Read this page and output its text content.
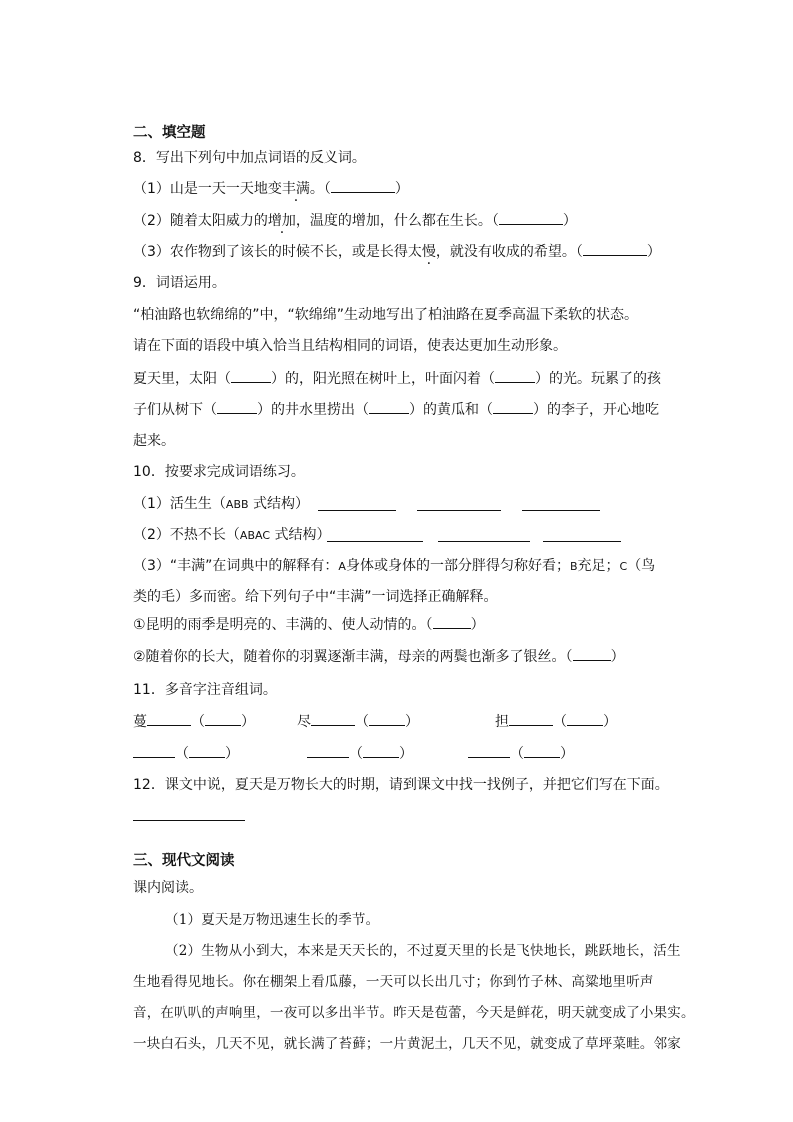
二、填空题
8．写出下列句中加点词语的反义词。
（1）山是一天一天地变丰满。（	）
（2）随着太阳威力的增加，温度的增加，什么都在生长。（	）
（3）农作物到了该长的时候不长，或是长得太慢，就没有收成的希望。（	）
9．词语运用。
“柏油路也软绵绵的”中，“软绵绵”生动地写出了柏油路在夏季高温下柔软的状态。
请在下面的语段中填入恰当且结构相同的词语，使表达更加生动形象。
夏天里，太阳（	）的，阳光照在树叶上，叶面闪着（	）的光。玩累了的孩
子们从树下（	）的井水里捞出（	）的黄瓜和（	）的李子，开心地吃
起来。
10．按要求完成词语练习。
（1）活生生（ABB 式结构）
（2）不热不长（ABAC 式结构）
（3）“丰满”在词典中的解释有：A身体或身体的一部分胖得匀称好看；B充足；C（鸟
类的毛）多而密。给下列句子中“丰满”一词选择正确解释。
①昆明的雨季是明亮的、丰满的、使人动情的。（	）
②随着你的长大，随着你的羽翼逐渐丰满，母亲的两鬓也渐多了银丝。（	）
11．多音字注音组词。
蔓	（	）	尽	（	）	担	（	）
（	）	（	）	（	）
12．课文中说，夏天是万物长大的时期，请到课文中找一找例子，并把它们写在下面。
三、现代文阅读
课内阅读。
（1）夏天是万物迅速生长的季节。
（2）生物从小到大，本来是天天长的，不过夏天里的长是飞快地长，跳跃地长，活生
生地看得见地长。你在棚架上看瓜藤，一天可以长出几寸；你到竹子林、高粱地里听声
音，在叭叭的声响里，一夜可以多出半节。昨天是苞蕾，今天是鲜花，明天就变成了小果实。
一块白石头，几天不见，就长满了苔藓；一片黄泥土，几天不见，就变成了草坪菜畦。邻家
